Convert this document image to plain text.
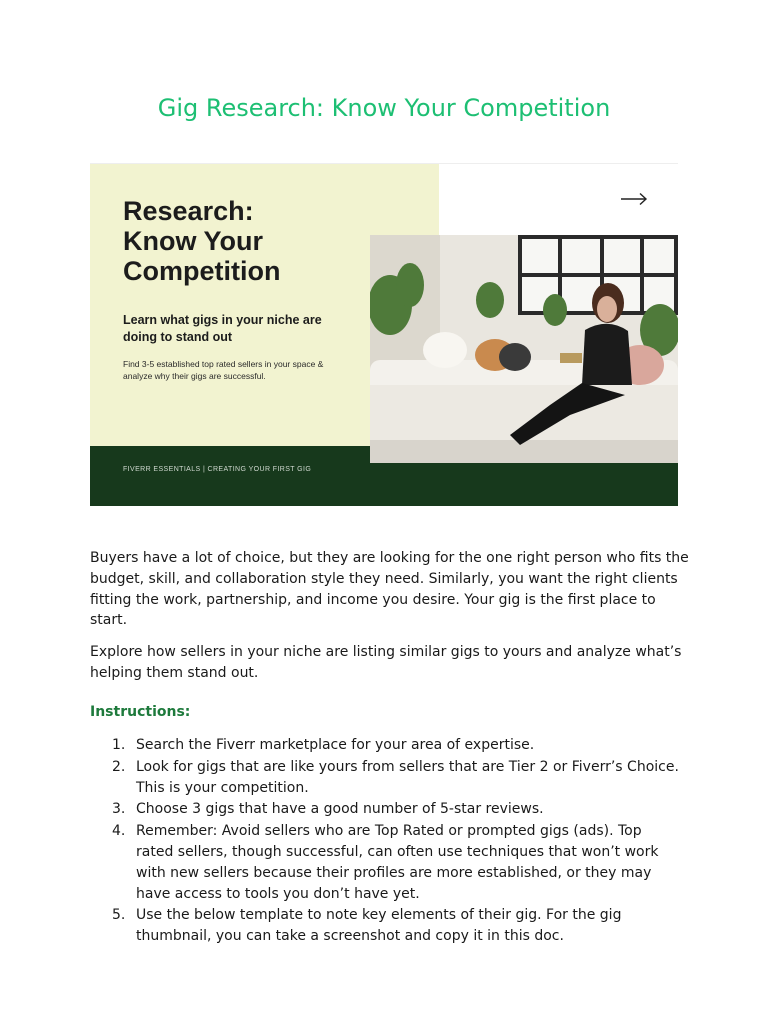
Gig Research: Know Your Competition
Research:
Know Your
Competition
Learn what gigs in your niche are doing to stand out
Find 3-5 established top rated sellers in your space & analyze why their gigs are successful.
FIVERR ESSENTIALS | CREATING YOUR FIRST GIG

Buyers have a lot of choice, but they are looking for the one right person who fits the budget, skill, and collaboration style they need. Similarly, you want the right clients fitting the work, partnership, and income you desire. Your gig is the first place to start.

Explore how sellers in your niche are listing similar gigs to yours and analyze what’s helping them stand out.

Instructions:
1. Search the Fiverr marketplace for your area of expertise.
2. Look for gigs that are like yours from sellers that are Tier 2 or Fiverr’s Choice. This is your competition.
3. Choose 3 gigs that have a good number of 5-star reviews.
4. Remember: Avoid sellers who are Top Rated or prompted gigs (ads). Top rated sellers, though successful, can often use techniques that won’t work with new sellers because their profiles are more established, or they may have access to tools you don’t have yet.
5. Use the below template to note key elements of their gig. For the gig thumbnail, you can take a screenshot and copy it in this doc.
